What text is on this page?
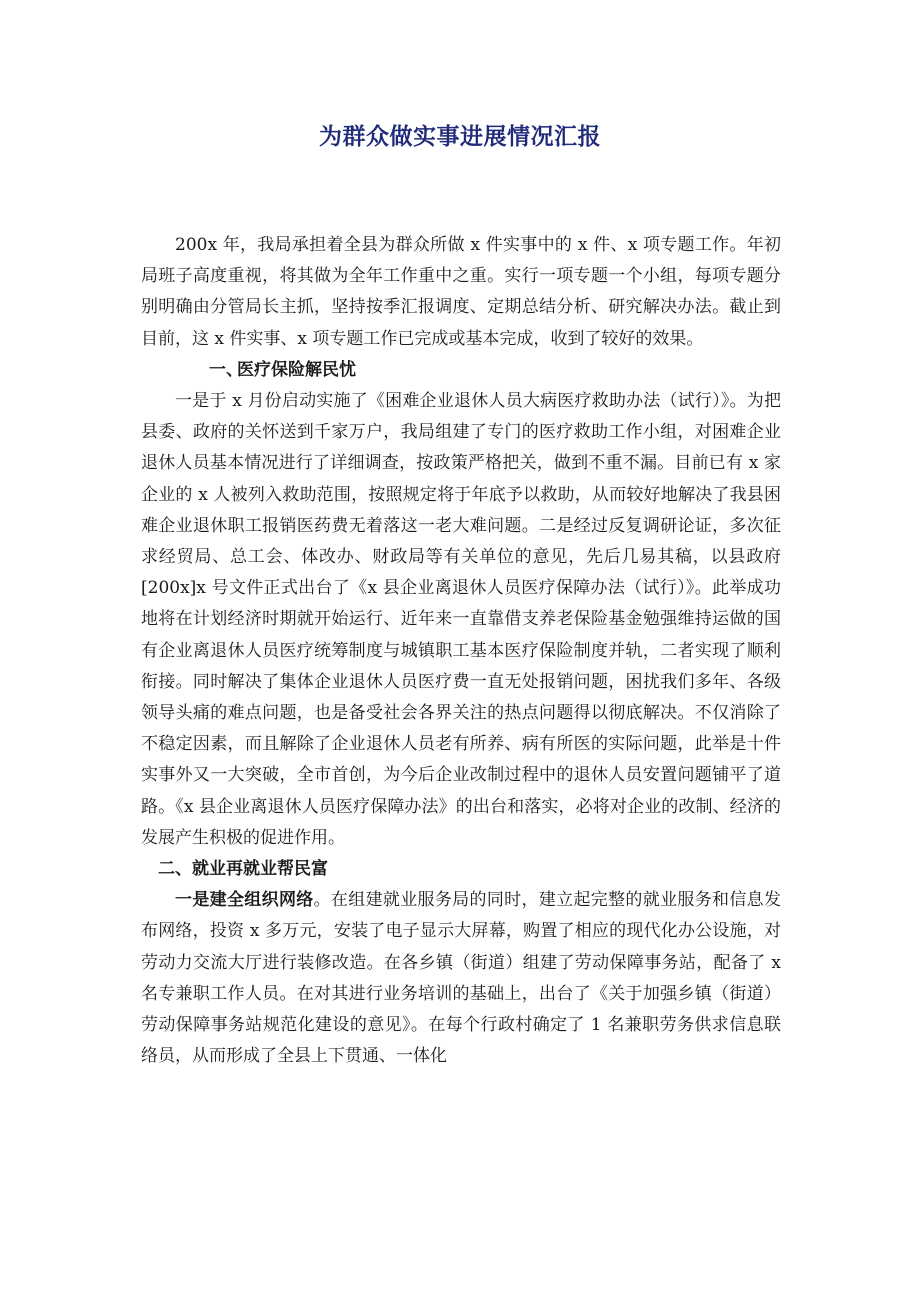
为群众做实事进展情况汇报

200x 年，我局承担着全县为群众所做 x 件实事中的 x 件、x 项专题工作。年初局班子高度重视，将其做为全年工作重中之重。实行一项专题一个小组，每项专题分别明确由分管局长主抓，坚持按季汇报调度、定期总结分析、研究解决办法。截止到目前，这 x 件实事、x 项专题工作已完成或基本完成，收到了较好的效果。

一、医疗保险解民忧

一是于 x 月份启动实施了《困难企业退休人员大病医疗救助办法（试行）》。为把县委、政府的关怀送到千家万户，我局组建了专门的医疗救助工作小组，对困难企业退休人员基本情况进行了详细调查，按政策严格把关，做到不重不漏。目前已有 x 家企业的 x 人被列入救助范围，按照规定将于年底予以救助，从而较好地解决了我县困难企业退休职工报销医药费无着落这一老大难问题。二是经过反复调研论证，多次征求经贸局、总工会、体改办、财政局等有关单位的意见，先后几易其稿，以县政府[200x]x 号文件正式出台了《x 县企业离退休人员医疗保障办法（试行）》。此举成功地将在计划经济时期就开始运行、近年来一直靠借支养老保险基金勉强维持运做的国有企业离退休人员医疗统筹制度与城镇职工基本医疗保险制度并轨，二者实现了顺利衔接。同时解决了集体企业退休人员医疗费一直无处报销问题，困扰我们多年、各级领导头痛的难点问题，也是备受社会各界关注的热点问题得以彻底解决。不仅消除了不稳定因素，而且解除了企业退休人员老有所养、病有所医的实际问题，此举是十件实事外又一大突破，全市首创，为今后企业改制过程中的退休人员安置问题铺平了道路。《x 县企业离退休人员医疗保障办法》的出台和落实，必将对企业的改制、经济的发展产生积极的促进作用。

二、就业再就业帮民富

一是建全组织网络。在组建就业服务局的同时，建立起完整的就业服务和信息发布网络，投资 x 多万元，安装了电子显示大屏幕，购置了相应的现代化办公设施，对劳动力交流大厅进行装修改造。在各乡镇（街道）组建了劳动保障事务站，配备了 x 名专兼职工作人员。在对其进行业务培训的基础上，出台了《关于加强乡镇（街道）劳动保障事务站规范化建设的意见》。在每个行政村确定了 1 名兼职劳务供求信息联络员，从而形成了全县上下贯通、一体化
